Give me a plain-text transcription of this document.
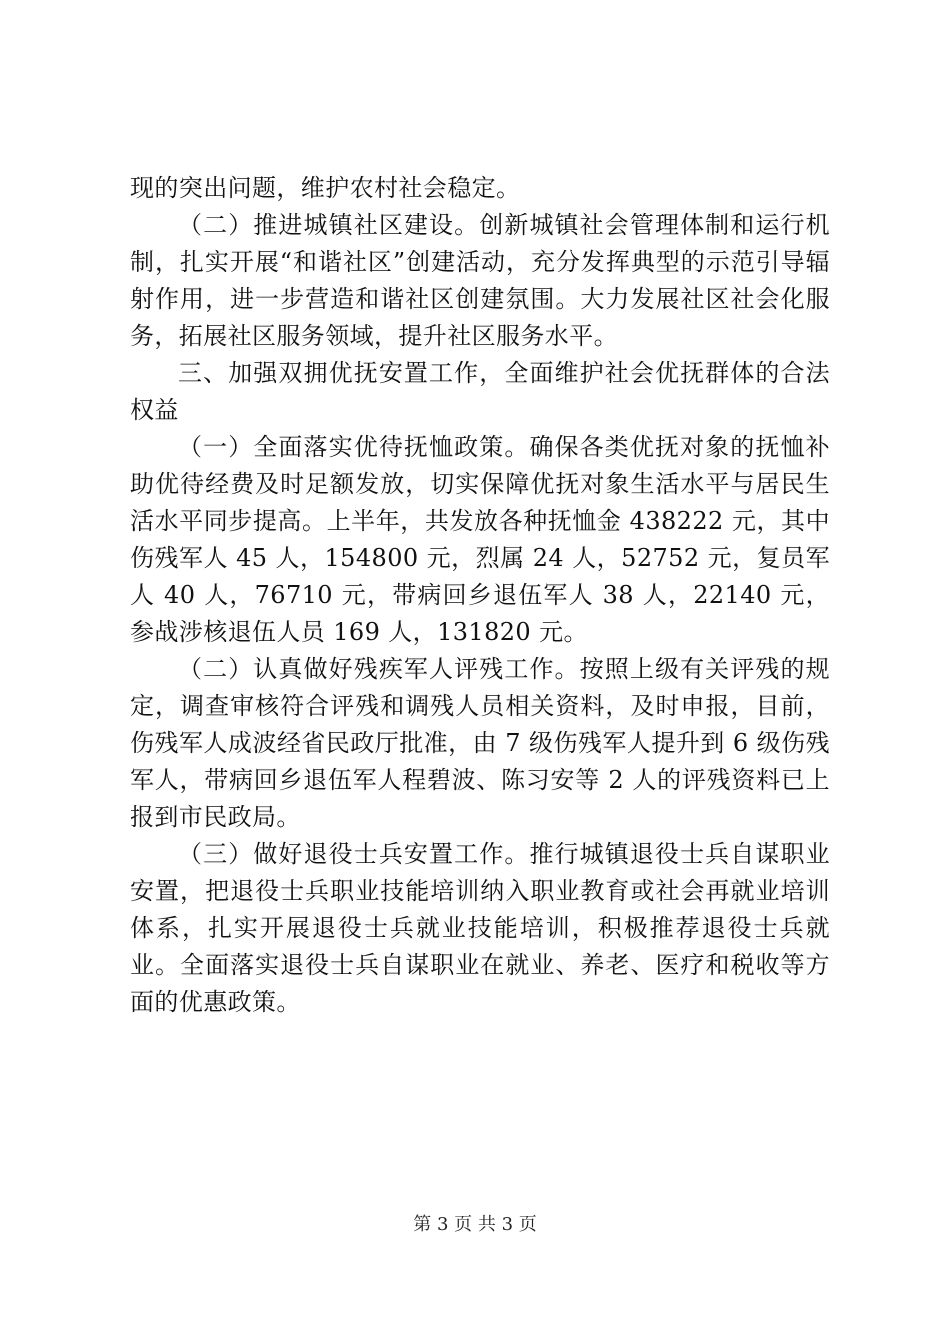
现的突出问题，维护农村社会稳定。

（二）推进城镇社区建设。创新城镇社会管理体制和运行机制，扎实开展“和谐社区”创建活动，充分发挥典型的示范引导辐射作用，进一步营造和谐社区创建氛围。大力发展社区社会化服务，拓展社区服务领域，提升社区服务水平。

三、加强双拥优抚安置工作，全面维护社会优抚群体的合法权益

（一）全面落实优待抚恤政策。确保各类优抚对象的抚恤补助优待经费及时足额发放，切实保障优抚对象生活水平与居民生活水平同步提高。上半年，共发放各种抚恤金 438222 元，其中伤残军人 45 人，154800 元，烈属 24 人，52752 元，复员军人 40 人，76710 元，带病回乡退伍军人 38 人，22140 元，参战涉核退伍人员 169 人，131820 元。

（二）认真做好残疾军人评残工作。按照上级有关评残的规定，调查审核符合评残和调残人员相关资料，及时申报，目前，伤残军人成波经省民政厅批准，由 7 级伤残军人提升到 6 级伤残军人，带病回乡退伍军人程碧波、陈习安等 2 人的评残资料已上报到市民政局。

（三）做好退役士兵安置工作。推行城镇退役士兵自谋职业安置，把退役士兵职业技能培训纳入职业教育或社会再就业培训体系，扎实开展退役士兵就业技能培训，积极推荐退役士兵就业。全面落实退役士兵自谋职业在就业、养老、医疗和税收等方面的优惠政策。

第 3 页 共 3 页
